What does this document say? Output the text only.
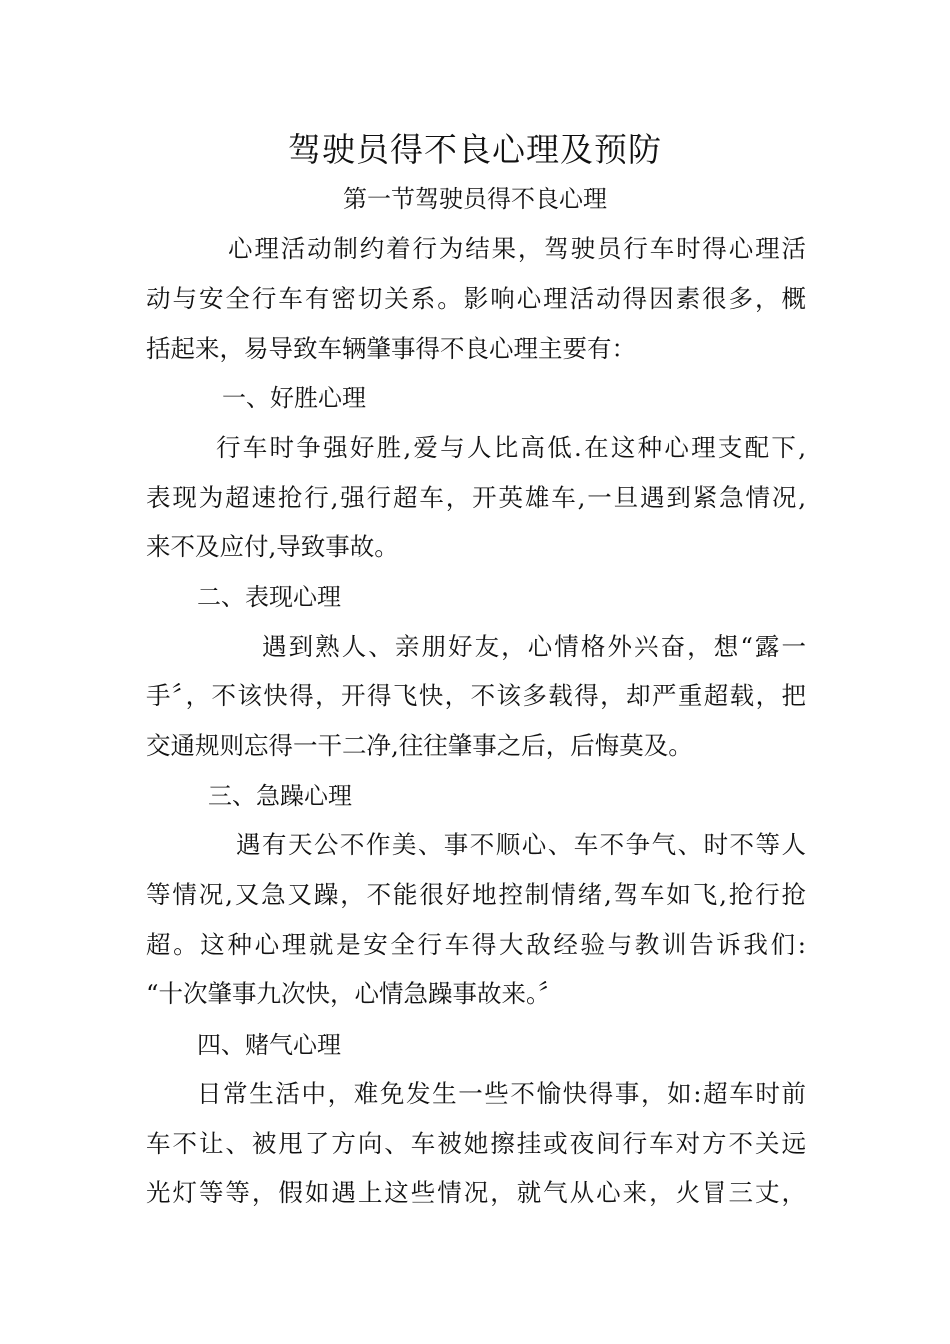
驾驶员得不良心理及预防
第一节驾驶员得不良心理
心理活动制约着行为结果，驾驶员行车时得心理活
动与安全行车有密切关系。影响心理活动得因素很多，概
括起来，易导致车辆肇事得不良心理主要有：
一、好胜心理
行车时争强好胜,爱与人比高低.在这种心理支配下,
表现为超速抢行,强行超车，开英雄车,一旦遇到紧急情况,
来不及应付,导致事故。
二、表现心理
遇到熟人、亲朋好友，心情格外兴奋，想“露一
手〞，不该快得，开得飞快，不该多载得，却严重超载，把
交通规则忘得一干二净,往往肇事之后，后悔莫及。
三、急躁心理
遇有天公不作美、事不顺心、车不争气、时不等人
等情况,又急又躁，不能很好地控制情绪,驾车如飞,抢行抢
超。这种心理就是安全行车得大敌经验与教训告诉我们:
“十次肇事九次快，心情急躁事故来。〞
四、赌气心理
日常生活中，难免发生一些不愉快得事，如:超车时前
车不让、被甩了方向、车被她擦挂或夜间行车对方不关远
光灯等等，假如遇上这些情况，就气从心来，火冒三丈，
